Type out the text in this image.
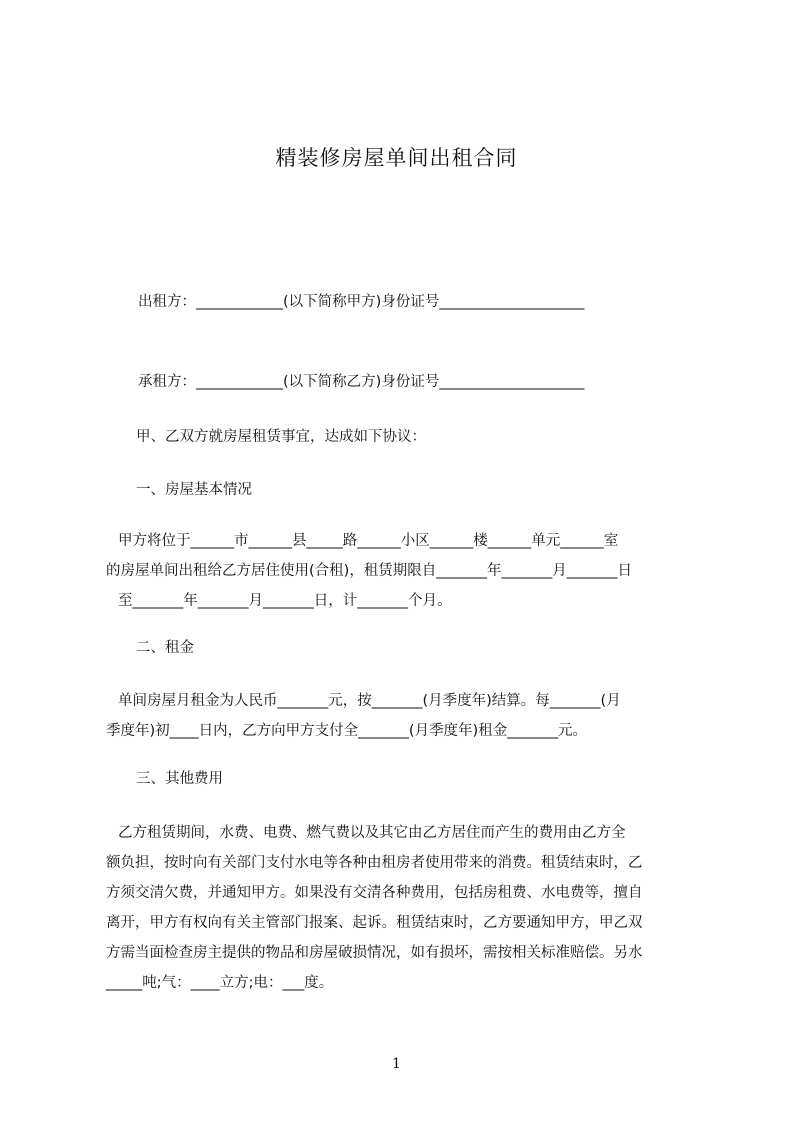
精装修房屋单间出租合同
出租方：____________(以下简称甲方)身份证号____________________
承租方：____________(以下简称乙方)身份证号____________________
甲、乙双方就房屋租赁事宜，达成如下协议：
一、房屋基本情况

甲方将位于______市______县_____路______小区______楼______单元______室

的房屋单间出租给乙方居住使用(合租)，租赁期限自_______年_______月_______日

至_______年_______月_______日，计_______个月。

二、租金

单间房屋月租金为人民币_______元，按_______(月季度年)结算。每_______(月

季度年)初____日内，乙方向甲方支付全_______(月季度年)租金_______元。

三、其他费用

乙方租赁期间，水费、电费、燃气费以及其它由乙方居住而产生的费用由乙方全

额负担，按时向有关部门支付水电等各种由租房者使用带来的消费。租赁结束时，乙

方须交清欠费，并通知甲方。如果没有交清各种费用，包括房租费、水电费等，擅自

离开，甲方有权向有关主管部门报案、起诉。租赁结束时，乙方要通知甲方，甲乙双

方需当面检查房主提供的物品和房屋破损情况，如有损坏，需按相关标准赔偿。另水

_____吨;气：____立方;电：___度。

1
